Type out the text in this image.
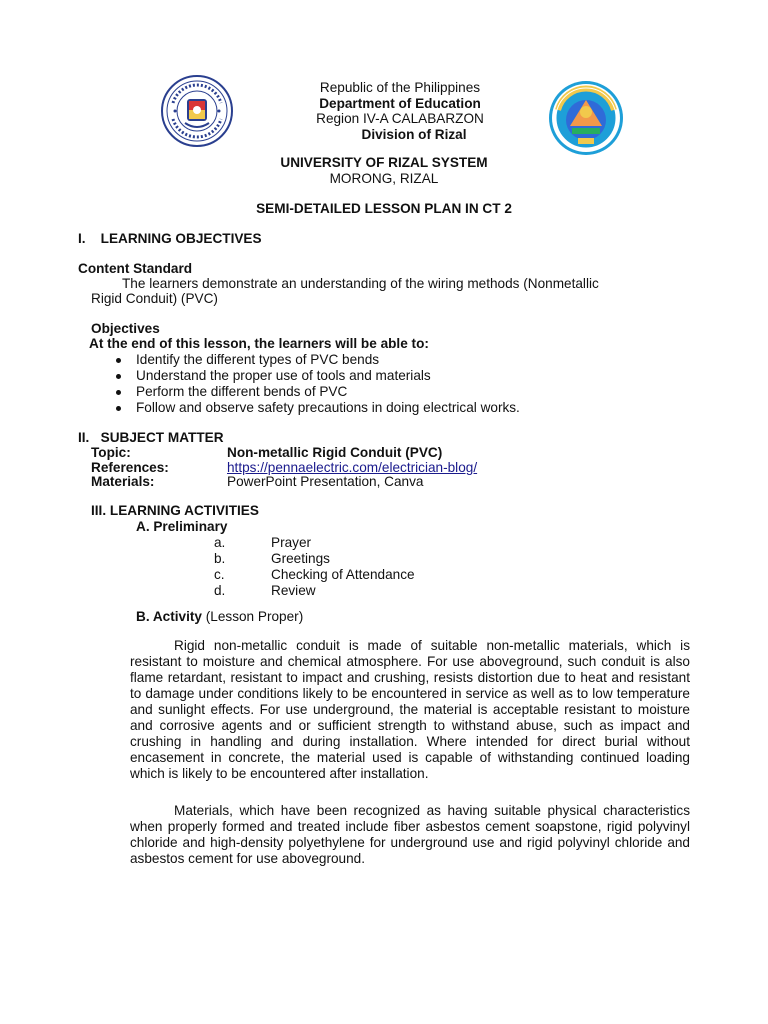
Republic of the Philippines
Department of Education
Region IV-A CALABARZON
Division of Rizal
UNIVERSITY OF RIZAL SYSTEM
MORONG, RIZAL
SEMI-DETAILED LESSON PLAN IN CT 2
I.    LEARNING OBJECTIVES
Content Standard
The learners demonstrate an understanding of the wiring methods (Nonmetallic
Rigid Conduit) (PVC)
Objectives
At the end of this lesson, the learners will be able to:
Identify the different types of PVC bends
Understand the proper use of tools and materials
Perform the different bends of PVC
Follow and observe safety precautions in doing electrical works.
II.   SUBJECT MATTER
Topic:	Non-metallic Rigid Conduit (PVC)
References:	https://pennaelectric.com/electrician-blog/
Materials:	PowerPoint Presentation, Canva
III. LEARNING ACTIVITIES
A. Preliminary
a.	Prayer
b.	Greetings
c.	Checking of Attendance
d.	Review
B. Activity (Lesson Proper)
Rigid non-metallic conduit is made of suitable non-metallic materials, which is resistant to moisture and chemical atmosphere. For use aboveground, such conduit is also flame retardant, resistant to impact and crushing, resists distortion due to heat and resistant to damage under conditions likely to be encountered in service as well as to low temperature and sunlight effects. For use underground, the material is acceptable resistant to moisture and corrosive agents and or sufficient strength to withstand abuse, such as impact and crushing in handling and during installation. Where intended for direct burial without encasement in concrete, the material used is capable of withstanding continued loading which is likely to be encountered after installation.
Materials, which have been recognized as having suitable physical characteristics when properly formed and treated include fiber asbestos cement soapstone, rigid polyvinyl chloride and high-density polyethylene for underground use and rigid polyvinyl chloride and asbestos cement for use aboveground.
